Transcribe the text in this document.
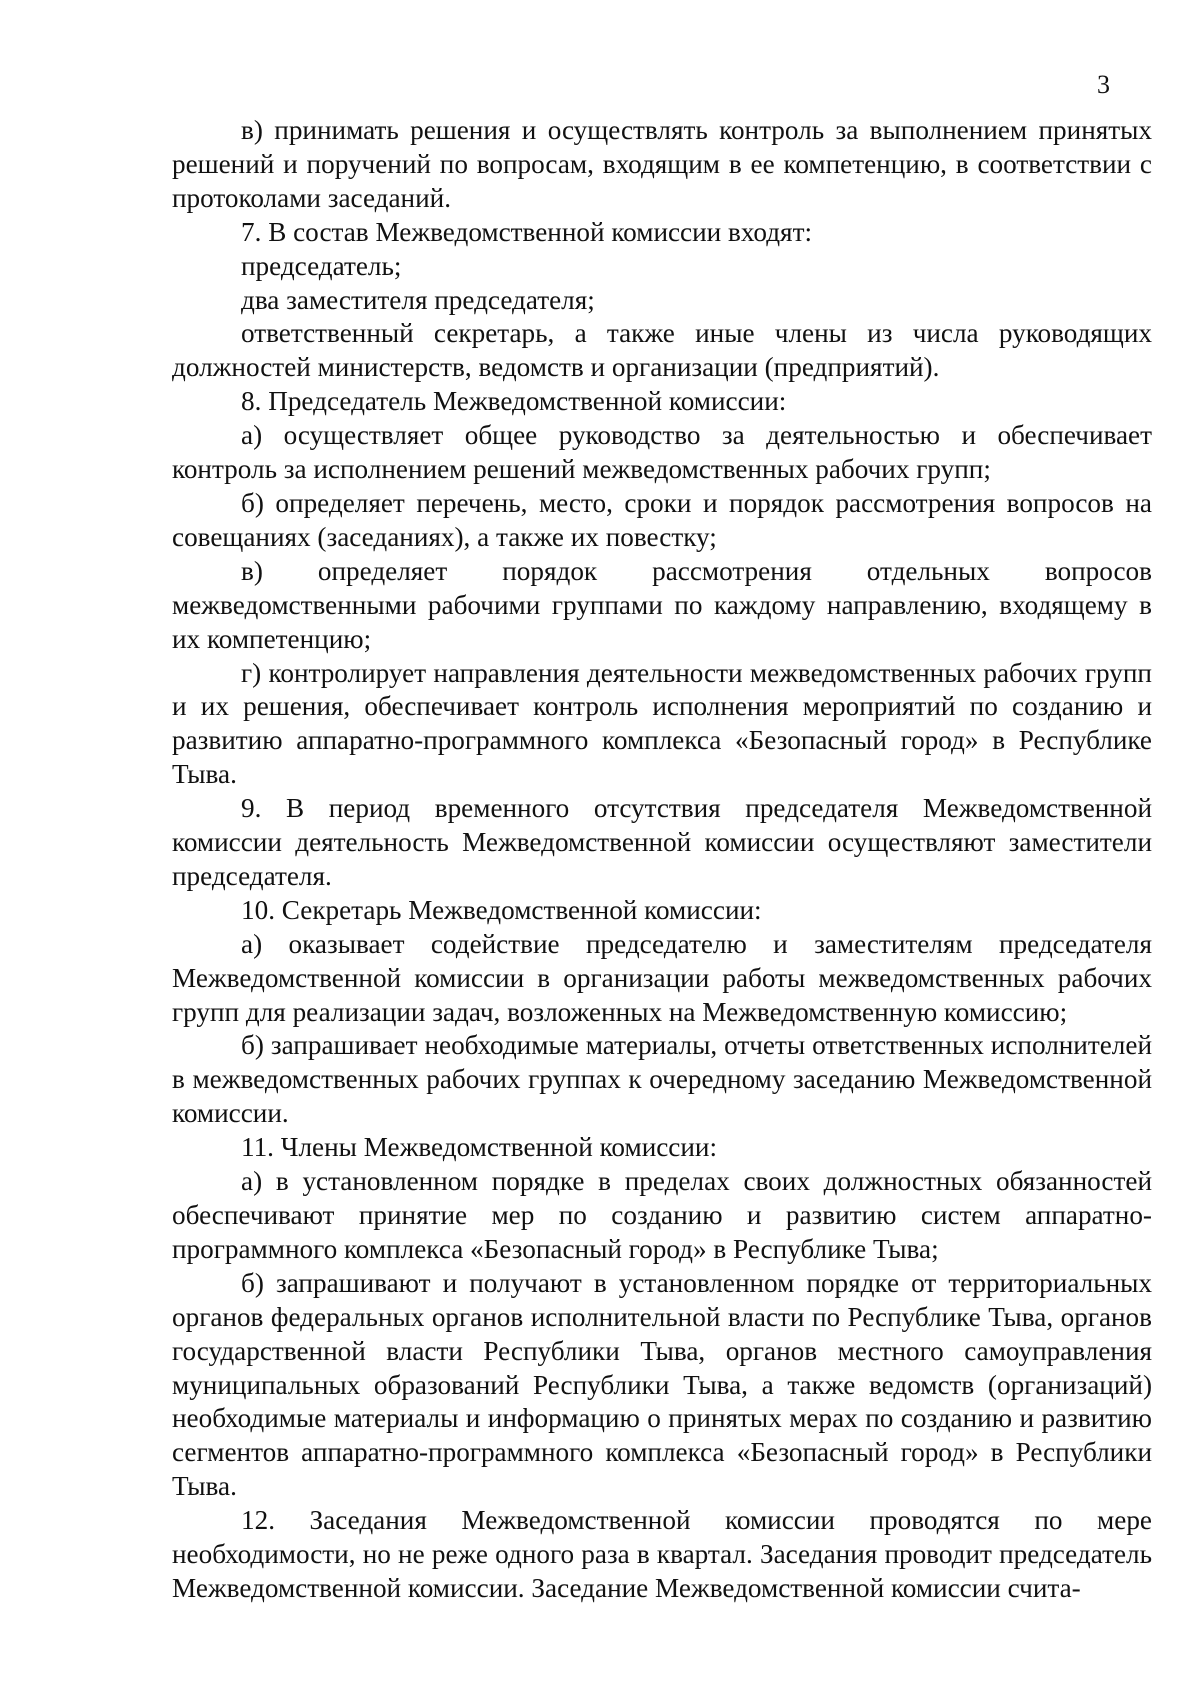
3

в) принимать решения и осуществлять контроль за выполнением принятых решений и поручений по вопросам, входящим в ее компетенцию, в соответствии с протоколами заседаний.

7. В состав Межведомственной комиссии входят:

председатель;

два заместителя председателя;

ответственный секретарь, а также иные члены из числа руководящих должностей министерств, ведомств и организации (предприятий).

8. Председатель Межведомственной комиссии:

а) осуществляет общее руководство за деятельностью и обеспечивает контроль за исполнением решений межведомственных рабочих групп;

б) определяет перечень, место, сроки и порядок рассмотрения вопросов на совещаниях (заседаниях), а также их повестку;

в) определяет порядок рассмотрения отдельных вопросов межведомственными рабочими группами по каждому направлению, входящему в их компетенцию;

г) контролирует направления деятельности межведомственных рабочих групп и их решения, обеспечивает контроль исполнения мероприятий по созданию и развитию аппаратно-программного комплекса «Безопасный город» в Республике Тыва.

9. В период временного отсутствия председателя Межведомственной комиссии деятельность Межведомственной комиссии осуществляют заместители председателя.

10. Секретарь Межведомственной комиссии:

а) оказывает содействие председателю и заместителям председателя Межведомственной комиссии в организации работы межведомственных рабочих групп для реализации задач, возложенных на Межведомственную комиссию;

б) запрашивает необходимые материалы, отчеты ответственных исполнителей в межведомственных рабочих группах к очередному заседанию Межведомственной комиссии.

11. Члены Межведомственной комиссии:

а) в установленном порядке в пределах своих должностных обязанностей обеспечивают принятие мер по созданию и развитию систем аппаратно-программного комплекса «Безопасный город» в Республике Тыва;

б) запрашивают и получают в установленном порядке от территориальных органов федеральных органов исполнительной власти по Республике Тыва, органов государственной власти Республики Тыва, органов местного самоуправления муниципальных образований Республики Тыва, а также ведомств (организаций) необходимые материалы и информацию о принятых мерах по созданию и развитию сегментов аппаратно-программного комплекса «Безопасный город» в Республики Тыва.

12. Заседания Межведомственной комиссии проводятся по мере необходимости, но не реже одного раза в квартал. Заседания проводит председатель Межведомственной комиссии. Заседание Межведомственной комиссии счита-
